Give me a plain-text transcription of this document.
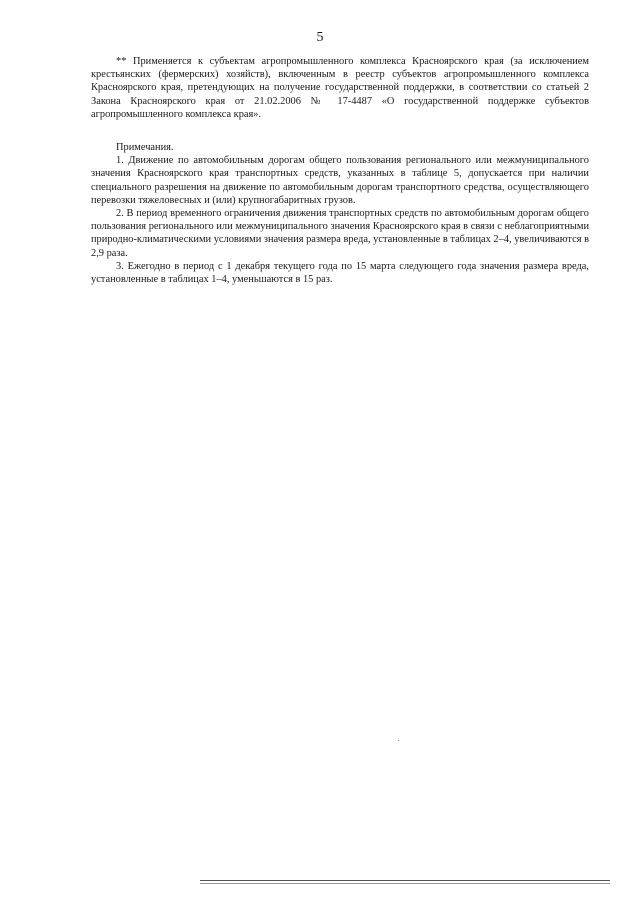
5

** Применяется к субъектам агропромышленного комплекса Красноярского края (за исключением крестьянских (фермерских) хозяйств), включенным в реестр субъектов агропромышленного комплекса Красноярского края, претендующих на получение государственной поддержки, в соответствии со статьей 2 Закона Красноярского края от 21.02.2006 № 17-4487 «О государственной поддержке субъектов агропромышленного комплекса края».

Примечания.

1. Движение по автомобильным дорогам общего пользования регионального или межмуниципального значения Красноярского края транспортных средств, указанных в таблице 5, допускается при наличии специального разрешения на движение по автомобильным дорогам транспортного средства, осуществляющего перевозки тяжеловесных и (или) крупногабаритных грузов.

2. В период временного ограничения движения транспортных средств по автомобильным дорогам общего пользования регионального или межмуниципального значения Красноярского края в связи с неблагоприятными природно-климатическими условиями значения размера вреда, установленные в таблицах 2–4, увеличиваются в 2,9 раза.

3. Ежегодно в период с 1 декабря текущего года по 15 марта следующего года значения размера вреда, установленные в таблицах 1–4, уменьшаются в 15 раз.
